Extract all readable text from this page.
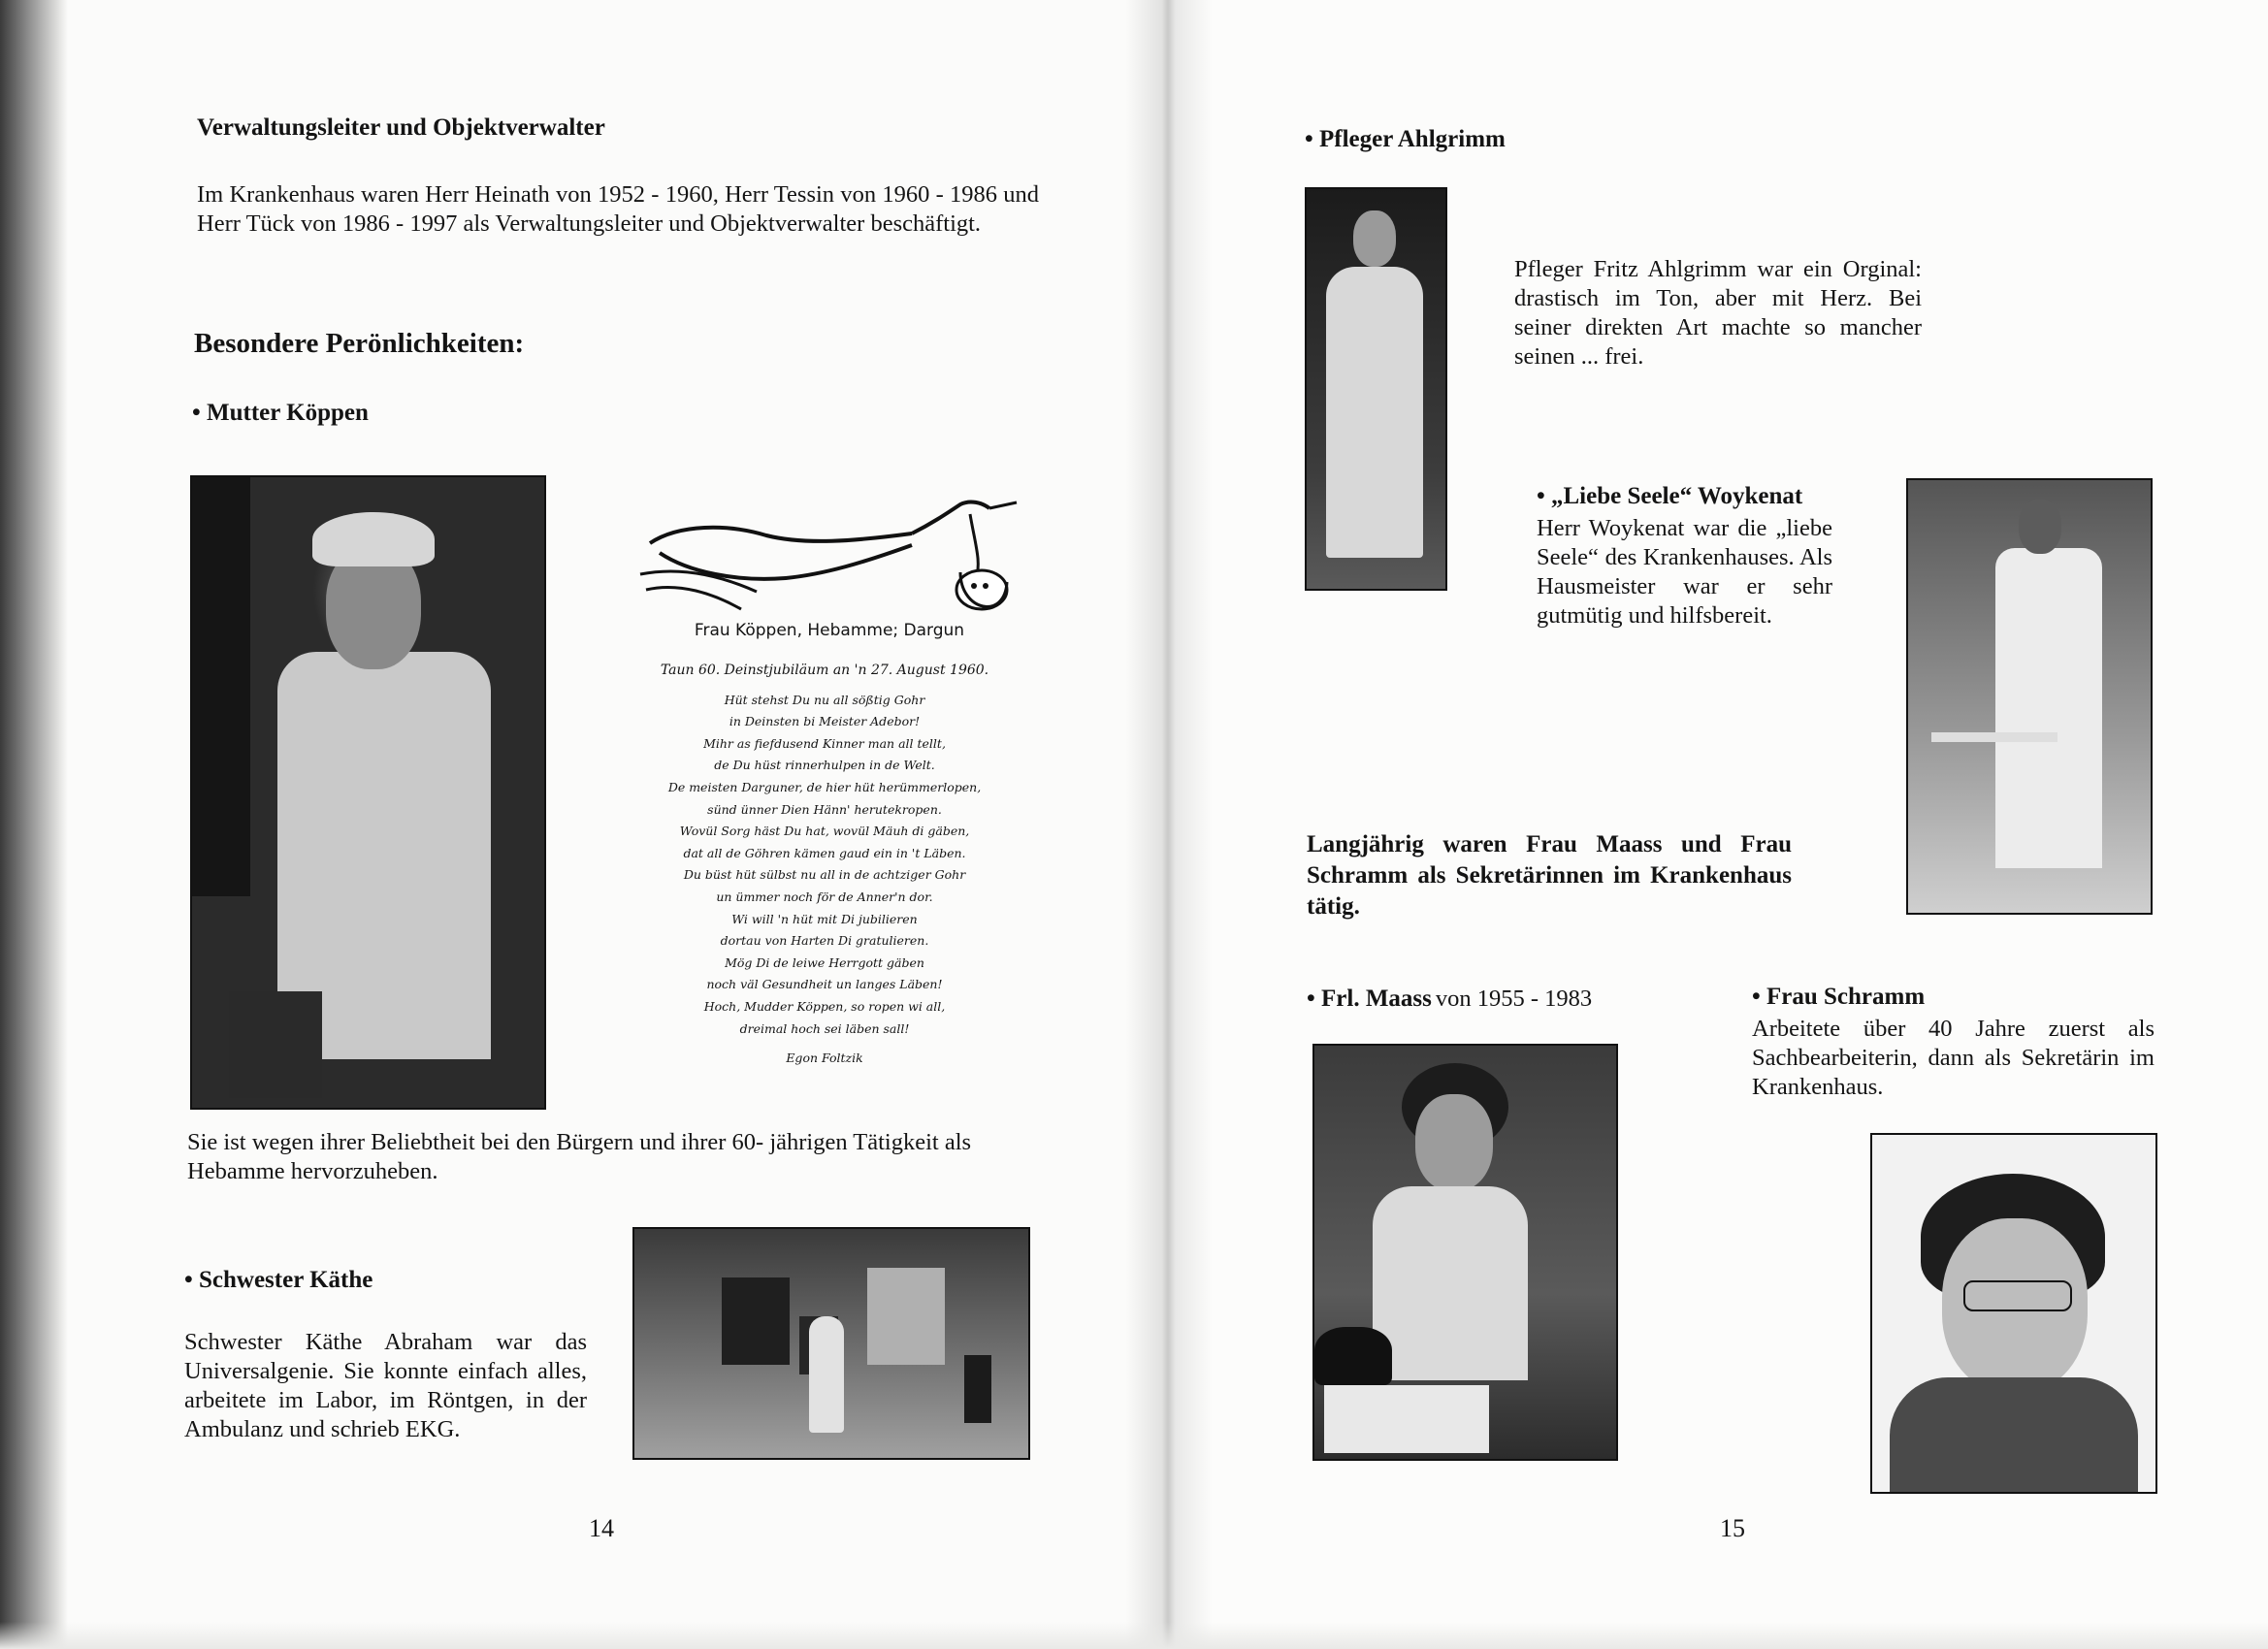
Verwaltungsleiter und Objektverwalter
Im Krankenhaus waren Herr Heinath von 1952 - 1960, Herr Tessin von 1960 - 1986 und Herr Tück von 1986 - 1997 als Verwaltungsleiter und Objektverwalter beschäftigt.
Besondere Perönlichkeiten:
• Mutter Köppen
Frau Köppen, Hebamme; Dargun
Taun 60. Deinstjubiläum an 'n 27. August 1960.
Hüt stehst Du nu all sößtig Gohr
in Deinsten bi Meister Adebor!
Mihr as fiefdusend Kinner man all tellt,
de Du hüst rinnerhulpen in de Welt.
De meisten Darguner, de hier hüt herümmerlopen,
sünd ünner Dien Hänn' herutekropen.
Wovül Sorg häst Du hat, wovül Mäuh di gäben,
dat all de Göhren kämen gaud ein in 't Läben.
Du büst hüt sülbst nu all in de achtziger Gohr
un ümmer noch för de Anner'n dor.
Wi will 'n hüt mit Di jubilieren
dortau von Harten Di gratulieren.
Mög Di de leiwe Herrgott gäben
noch väl Gesundheit un langes Läben!
Hoch, Mudder Köppen, so ropen wi all,
dreimal hoch sei läben sall!
Egon Foltzik
Sie ist wegen ihrer Beliebtheit bei den Bürgern und ihrer 60- jährigen Tätigkeit als Hebamme hervorzuheben.
• Schwester Käthe
Schwester Käthe Abraham war das Universalgenie. Sie konnte einfach alles, arbeitete im Labor, im Röntgen, in der Ambulanz und schrieb EKG.
14
• Pfleger Ahlgrimm
Pfleger Fritz Ahlgrimm war ein Orginal: drastisch im Ton, aber mit Herz. Bei seiner direkten Art machte so mancher seinen ... frei.
• „Liebe Seele“ Woykenat
Herr Woykenat war die „liebe Seele“ des Krankenhauses. Als Hausmeister war er sehr gutmütig und hilfsbereit.
Langjährig waren Frau Maass und Frau Schramm als Sekretärinnen im Krankenhaus tätig.
• Frl. Maass von 1955 - 1983	• Frau Schramm
Arbeitete über 40 Jahre zuerst als Sachbearbeiterin, dann als Sekretärin im Krankenhaus.
15
